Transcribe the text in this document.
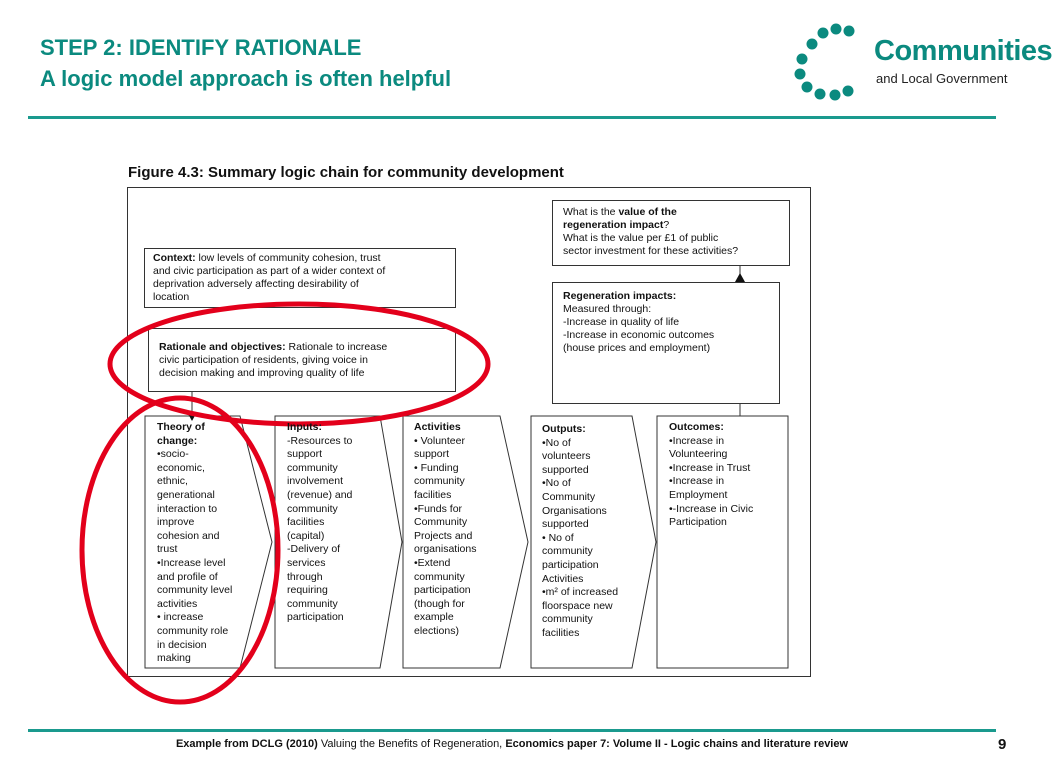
STEP 2: IDENTIFY RATIONALE
A logic model approach is often helpful
Communities
and Local Government
Figure 4.3: Summary logic chain for community development
What is the value of the
regeneration impact?
What is the value per £1 of public
sector investment for these activities?
Regeneration impacts:
Measured through:
-Increase in quality of life
-Increase in economic outcomes
(house prices and employment)
Context: low levels of community cohesion, trust
and civic participation as part of a wider context of
deprivation adversely affecting desirability of
location
Rationale and objectives: Rationale to increase
civic participation of residents, giving voice in
decision making and improving quality of life
Theory of
change:
•socio-
economic,
ethnic,
generational
interaction to
improve
cohesion and
trust
•Increase level
and profile of
community level
activities
• increase
community role
in decision
making
Inputs:
-Resources to
support
community
involvement
(revenue) and
community
facilities
(capital)
-Delivery of
services
through
requiring
community
participation
Activities
• Volunteer
support
• Funding
community
facilities
•Funds for
Community
Projects and
organisations
•Extend
community
participation
(though for
example
elections)
Outputs:
•No of
volunteers
supported
•No of
Community
Organisations
supported
• No of
community
participation
Activities
•m² of increased
floorspace new
community
facilities
Outcomes:
•Increase in
Volunteering
•Increase in Trust
•Increase in
Employment
•-Increase in Civic
Participation
Example from DCLG (2010) Valuing the Benefits of Regeneration, Economics paper 7: Volume II - Logic chains and literature review	9
